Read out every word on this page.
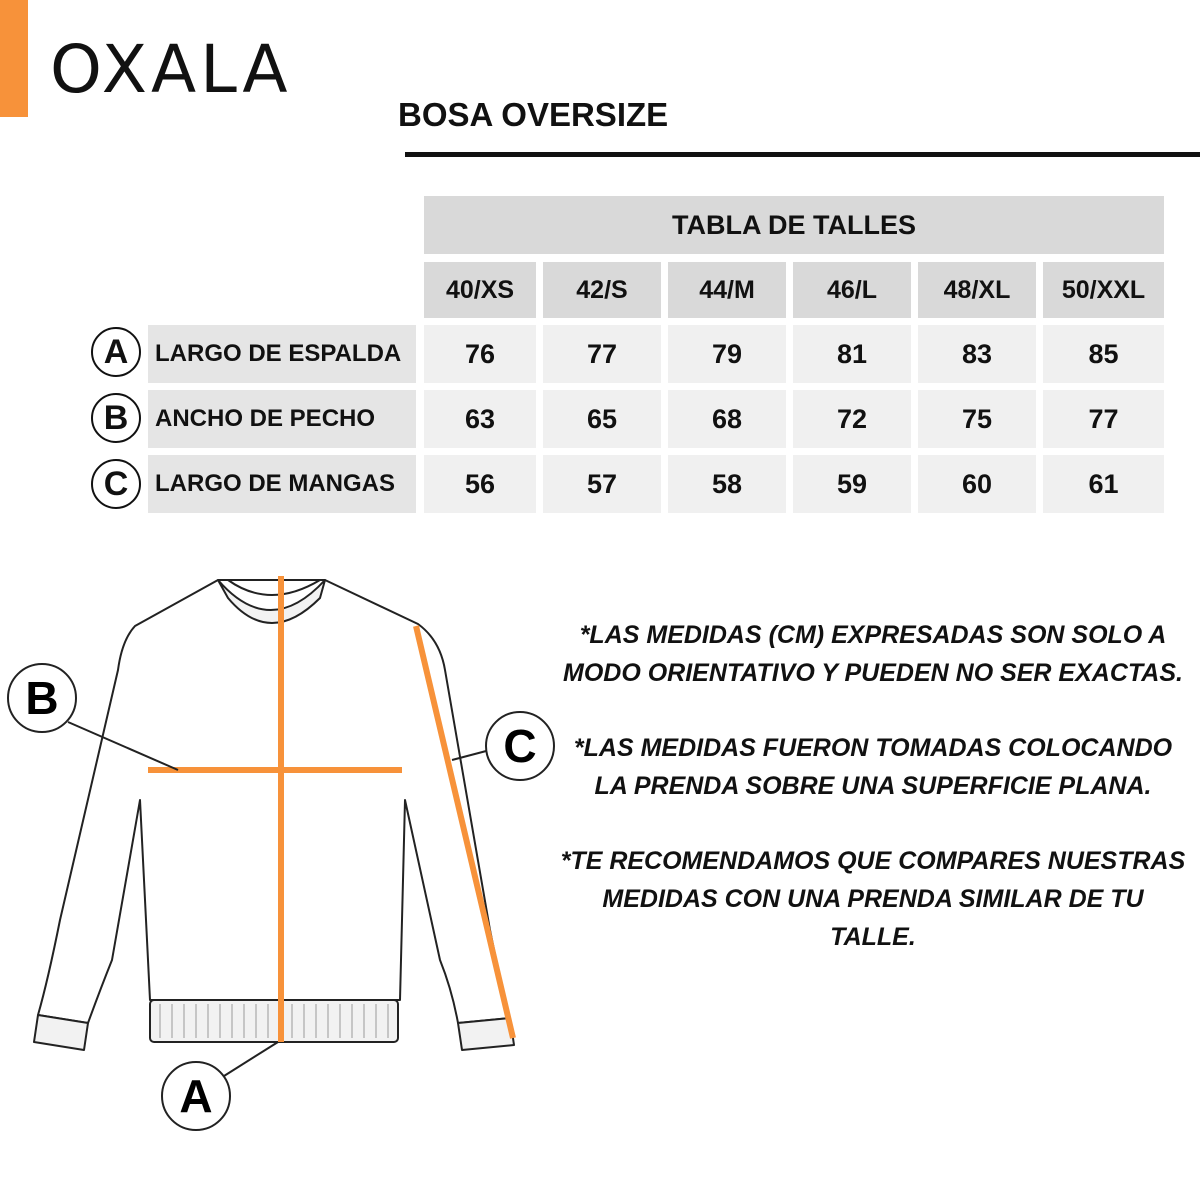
OXALA
BOSA OVERSIZE
TABLA DE TALLES
40/XS	42/S	44/M	46/L	48/XL	50/XXL
A	LARGO DE ESPALDA	76	77	79	81	83	85
B	ANCHO DE PECHO	63	65	68	72	75	77
C	LARGO DE MANGAS	56	57	58	59	60	61
B
C
A

*LAS MEDIDAS (CM) EXPRESADAS SON SOLO A MODO ORIENTATIVO Y PUEDEN NO SER EXACTAS.

*LAS MEDIDAS FUERON TOMADAS COLOCANDO LA PRENDA SOBRE UNA SUPERFICIE PLANA.

*TE RECOMENDAMOS QUE COMPARES NUESTRAS MEDIDAS CON UNA PRENDA SIMILAR DE TU TALLE.
